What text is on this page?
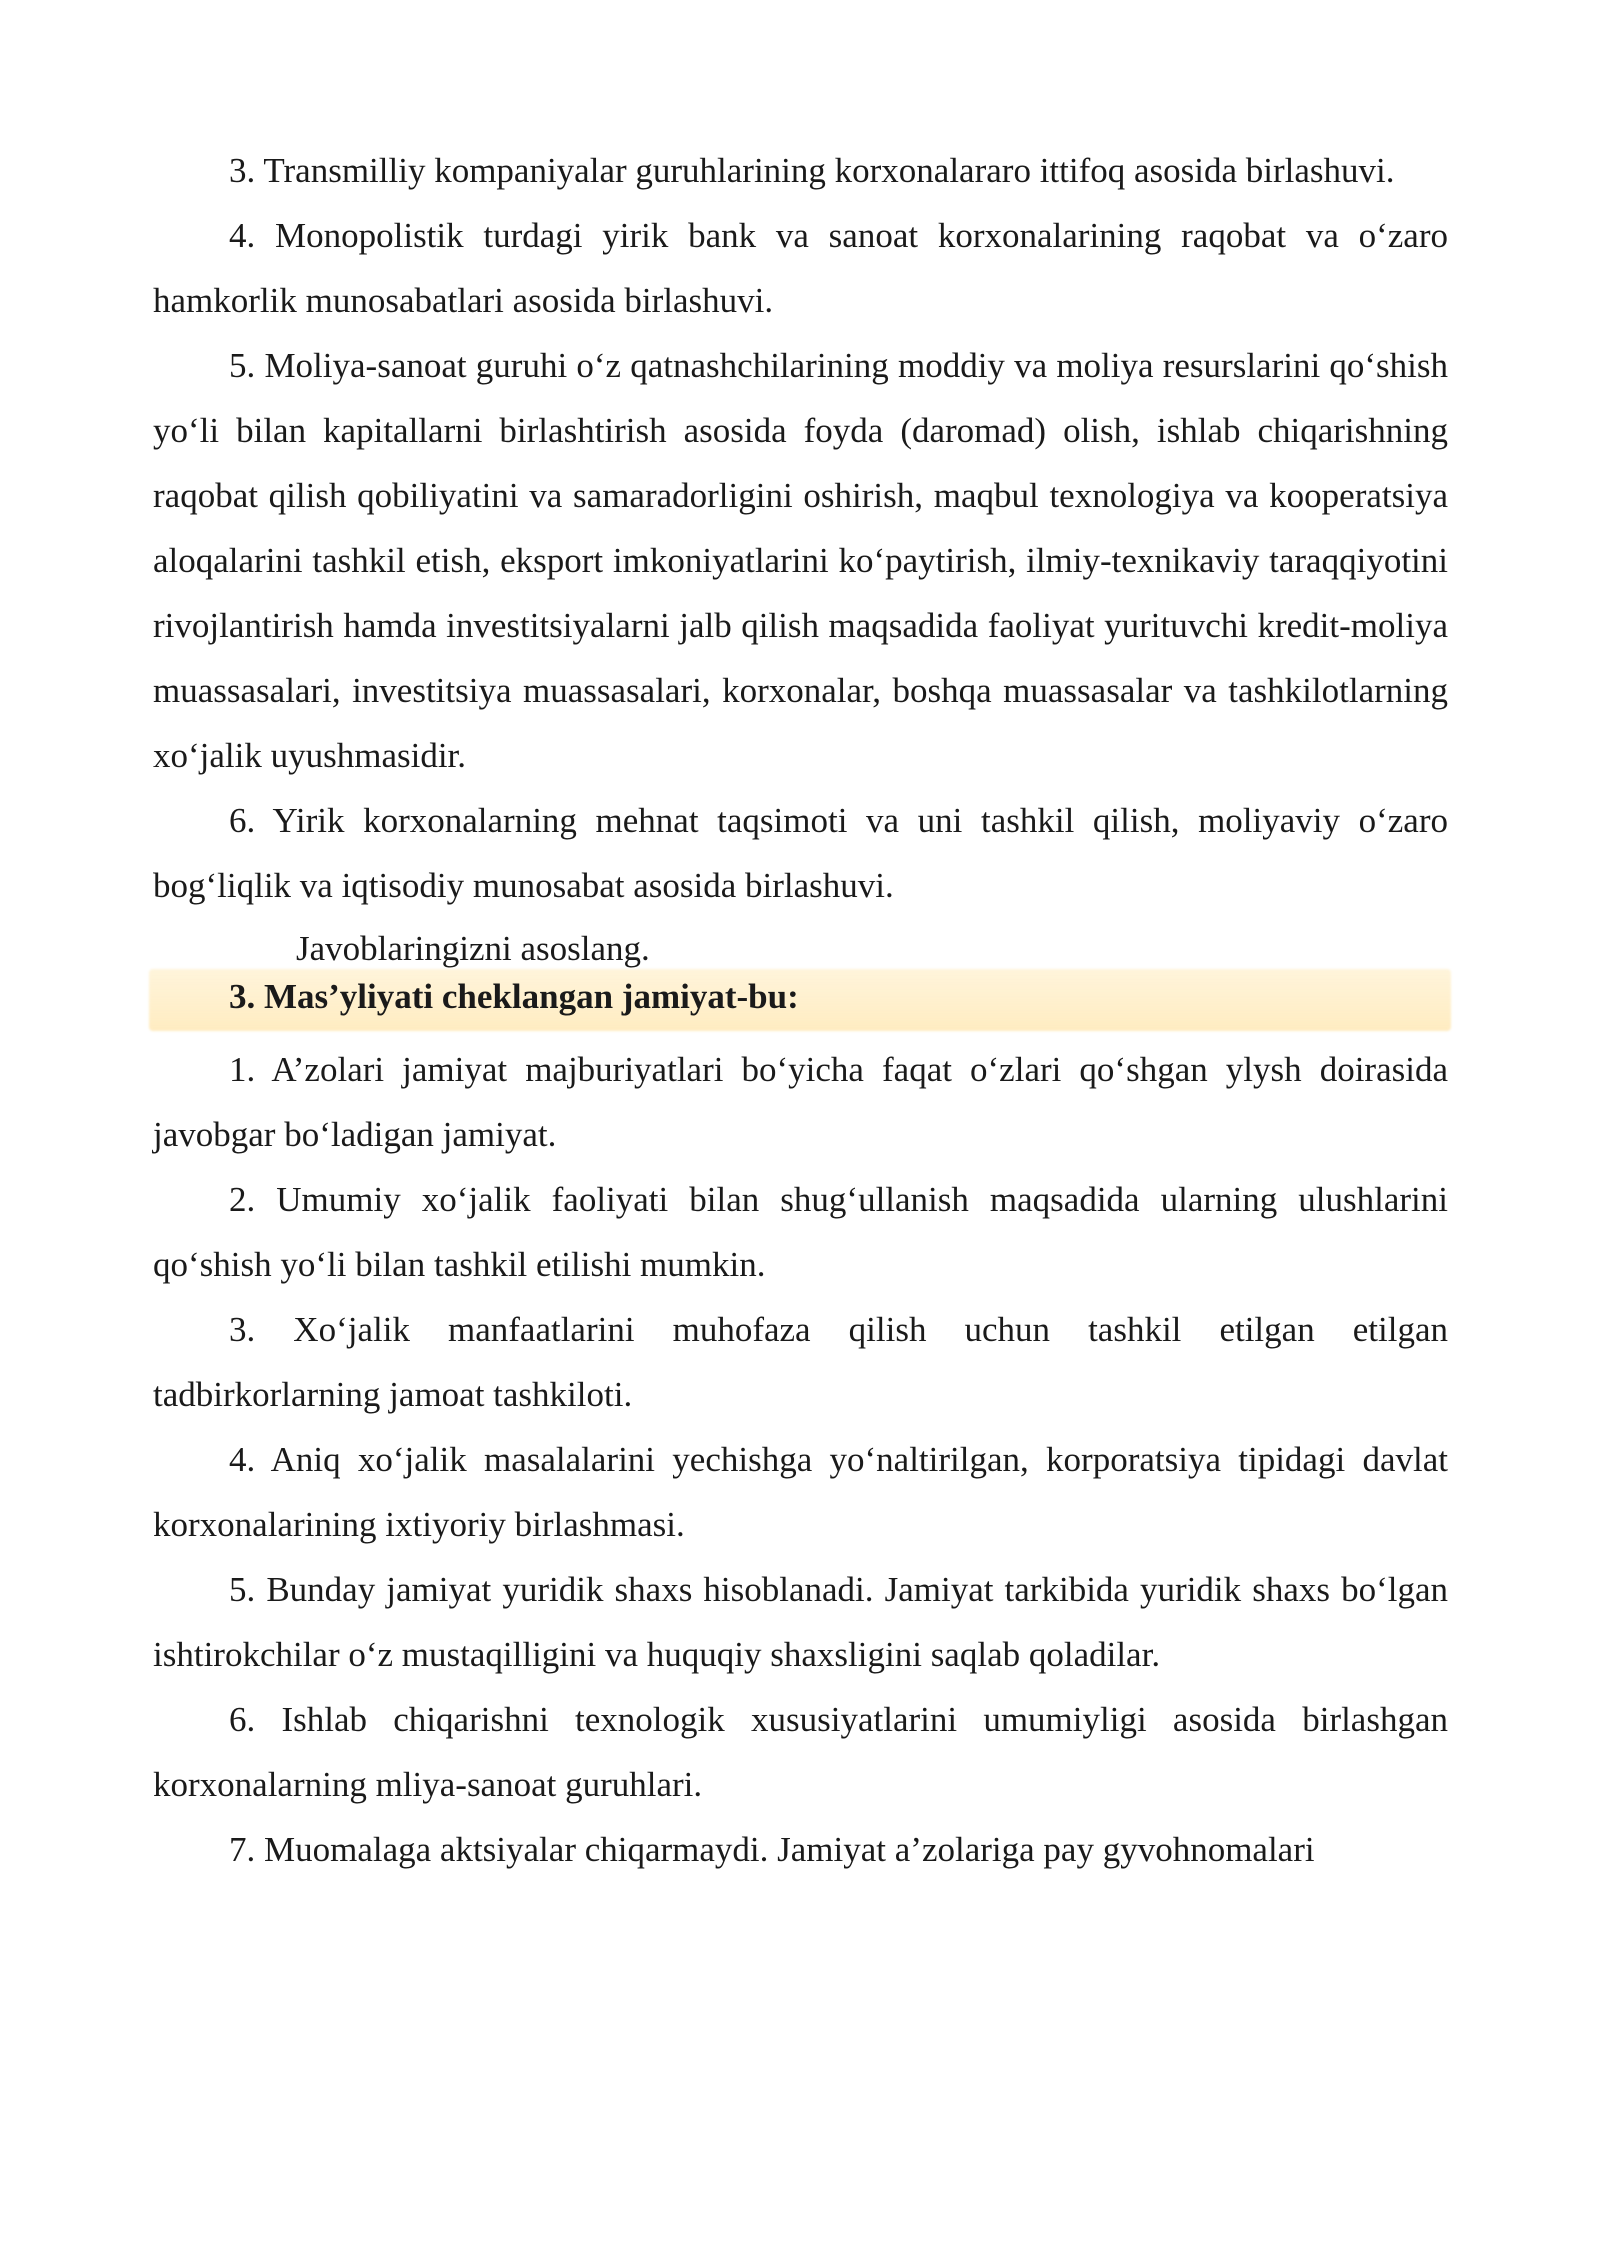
3. Transmilliy kompaniyalar guruhlarining korxonalararo ittifoq asosida birlashuvi.

4. Monopolistik turdagi yirik bank va sanoat korxonalarining raqobat va o‘zaro hamkorlik munosabatlari asosida birlashuvi.

5. Moliya-sanoat guruhi o‘z qatnashchilarining moddiy va moliya resurslarini qo‘shish yo‘li bilan kapitallarni birlashtirish asosida foyda (daromad) olish, ishlab chiqarishning raqobat qilish qobiliyatini va samaradorligini oshirish, maqbul texnologiya va kooperatsiya aloqalarini tashkil etish, eksport imkoniyatlarini ko‘paytirish, ilmiy-texnikaviy taraqqiyotini rivojlantirish hamda investitsiyalarni jalb qilish maqsadida faoliyat yurituvchi kredit-moliya muassasalari, investitsiya muassasalari, korxonalar, boshqa muassasalar va tashkilotlarning xo‘jalik uyushmasidir.

6. Yirik korxonalarning mehnat taqsimoti va uni tashkil qilish, moliyaviy o‘zaro bog‘liqlik va iqtisodiy munosabat asosida birlashuvi.

Javoblaringizni asoslang.

3. Mas’yliyati cheklangan jamiyat-bu:

1. A’zolari jamiyat majburiyatlari bo‘yicha faqat o‘zlari qo‘shgan ylysh doirasida javobgar bo‘ladigan jamiyat.

2. Umumiy xo‘jalik faoliyati bilan shug‘ullanish maqsadida ularning ulushlarini qo‘shish yo‘li bilan tashkil etilishi mumkin.

3. Xo‘jalik manfaatlarini muhofaza qilish uchun tashkil etilgan etilgan tadbirkorlarning jamoat tashkiloti.

4. Aniq xo‘jalik masalalarini yechishga yo‘naltirilgan, korporatsiya tipidagi davlat korxonalarining ixtiyoriy birlashmasi.

5. Bunday jamiyat yuridik shaxs hisoblanadi. Jamiyat tarkibida yuridik shaxs bo‘lgan ishtirokchilar o‘z mustaqilligini va huquqiy shaxsligini saqlab qoladilar.

6. Ishlab chiqarishni texnologik xususiyatlarini umumiyligi asosida birlashgan korxonalarning mliya-sanoat guruhlari.

7. Muomalaga aktsiyalar chiqarmaydi. Jamiyat a’zolariga pay gyvohnomalari
